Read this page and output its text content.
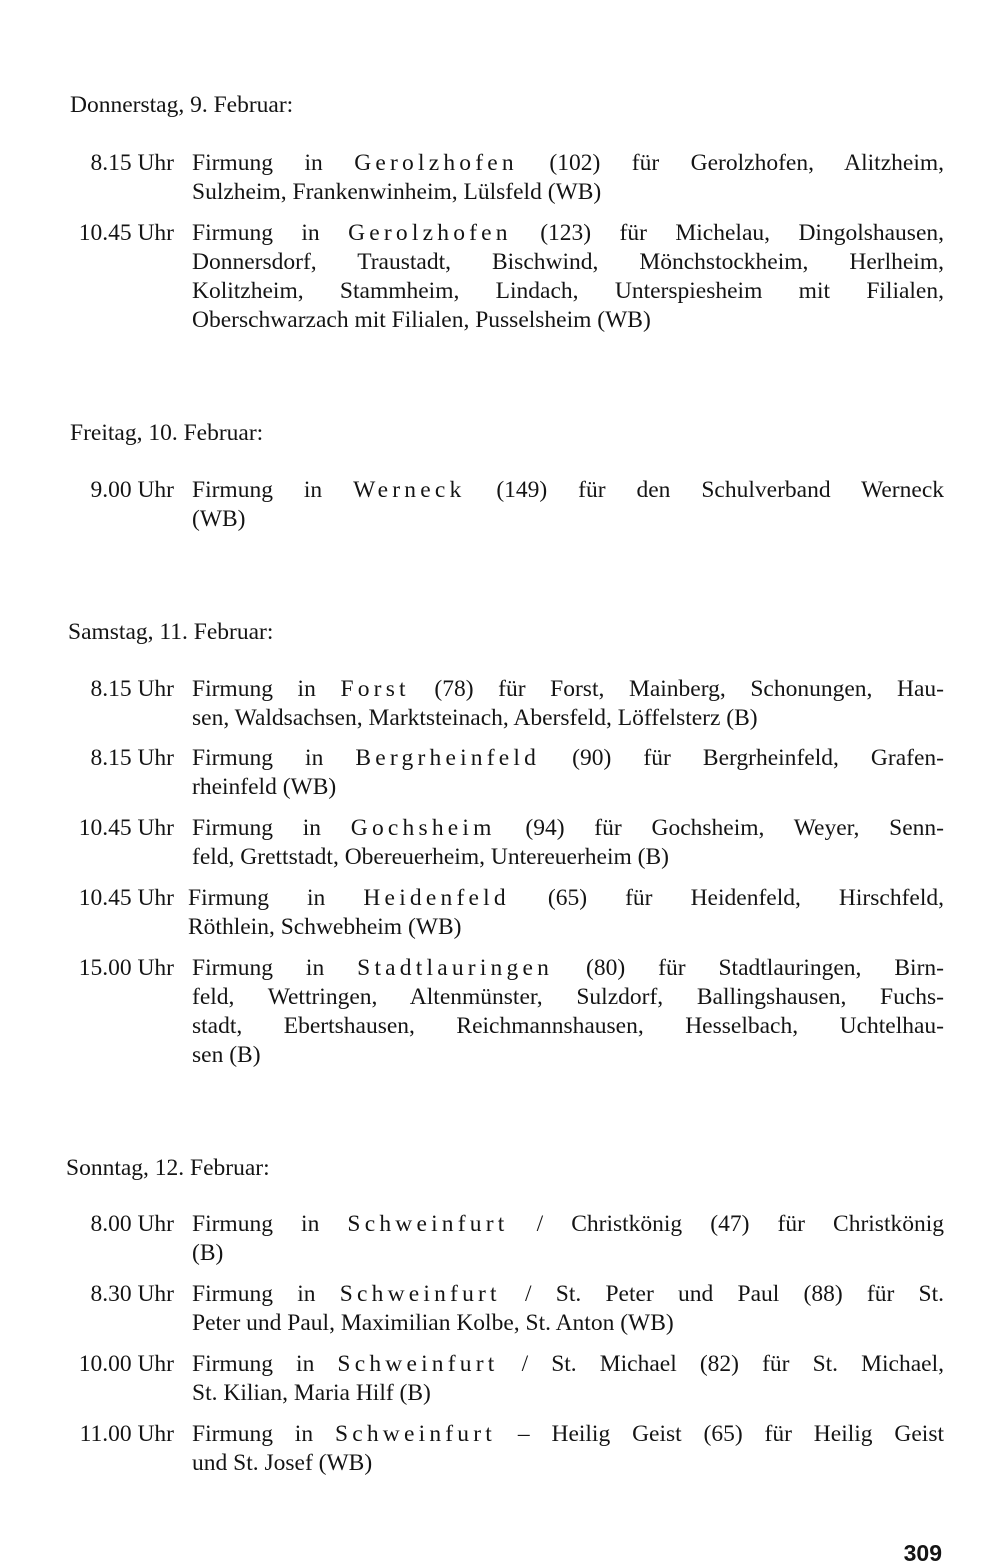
Donnerstag, 9. Februar:
8.15 Uhr Firmung in Gerolzhofen (102) für Gerolzhofen, Alitzheim,
Sulzheim, Frankenwinheim, Lülsfeld (WB)
10.45 Uhr Firmung in Gerolzhofen (123) für Michelau, Dingolshausen,
Donnersdorf, Traustadt, Bischwind, Mönchstockheim, Herlheim,
Kolitzheim, Stammheim, Lindach, Unterspiesheim mit Filialen,
Oberschwarzach mit Filialen, Pusselsheim (WB)
Freitag, 10. Februar:
9.00 Uhr Firmung in Werneck (149) für den Schulverband Werneck
(WB)
Samstag, 11. Februar:
8.15 Uhr Firmung in Forst (78) für Forst, Mainberg, Schonungen, Hau-
sen, Waldsachsen, Marktsteinach, Abersfeld, Löffelsterz (B)
8.15 Uhr Firmung in Bergrheinfeld (90) für Bergrheinfeld, Grafen-
rheinfeld (WB)
10.45 Uhr Firmung in Gochsheim (94) für Gochsheim, Weyer, Senn-
feld, Grettstadt, Obereuerheim, Untereuerheim (B)
10.45 Uhr Firmung in Heidenfeld (65) für Heidenfeld, Hirschfeld,
Röthlein, Schwebheim (WB)
15.00 Uhr Firmung in Stadtlauringen (80) für Stadtlauringen, Birn-
feld, Wettringen, Altenmünster, Sulzdorf, Ballingshausen, Fuchs-
stadt, Ebertshausen, Reichmannshausen, Hesselbach, Uchtelhau-
sen (B)
Sonntag, 12. Februar:
8.00 Uhr Firmung in Schweinfurt / Christkönig (47) für Christkönig
(B)
8.30 Uhr Firmung in Schweinfurt / St. Peter und Paul (88) für St.
Peter und Paul, Maximilian Kolbe, St. Anton (WB)
10.00 Uhr Firmung in Schweinfurt / St. Michael (82) für St. Michael,
St. Kilian, Maria Hilf (B)
11.00 Uhr Firmung in Schweinfurt – Heilig Geist (65) für Heilig Geist
und St. Josef (WB)
309
